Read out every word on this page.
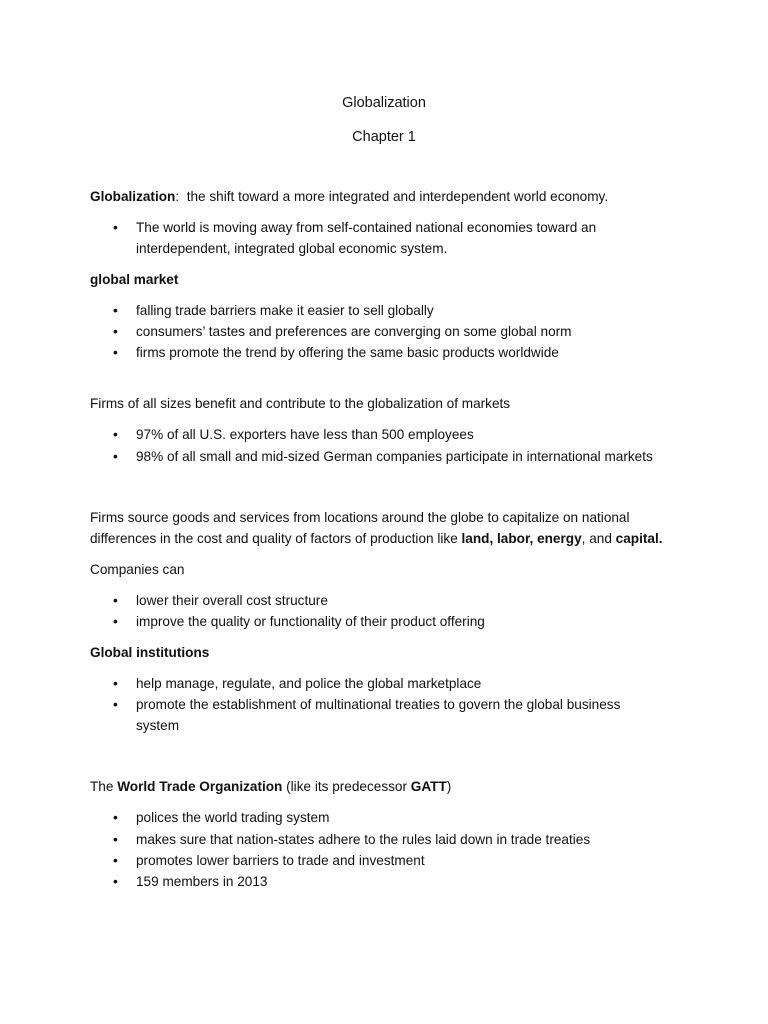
Globalization
Chapter 1

Globalization:  the shift toward a more integrated and interdependent world economy.

• The world is moving away from self-contained national economies toward an interdependent, integrated global economic system.

global market

• falling trade barriers make it easier to sell globally

• consumers’ tastes and preferences are converging on some global norm

• firms promote the trend by offering the same basic products worldwide

Firms of all sizes benefit and contribute to the globalization of markets

• 97% of all U.S. exporters have less than 500 employees

• 98% of all small and mid-sized German companies participate in international markets

Firms source goods and services from locations around the globe to capitalize on national differences in the cost and quality of factors of production like land, labor, energy, and capital.

Companies can

• lower their overall cost structure

• improve the quality or functionality of their product offering

Global institutions

• help manage, regulate, and police the global marketplace

• promote the establishment of multinational treaties to govern the global business system

The World Trade Organization (like its predecessor GATT)

• polices the world trading system

• makes sure that nation-states adhere to the rules laid down in trade treaties

• promotes lower barriers to trade and investment

• 159 members in 2013
